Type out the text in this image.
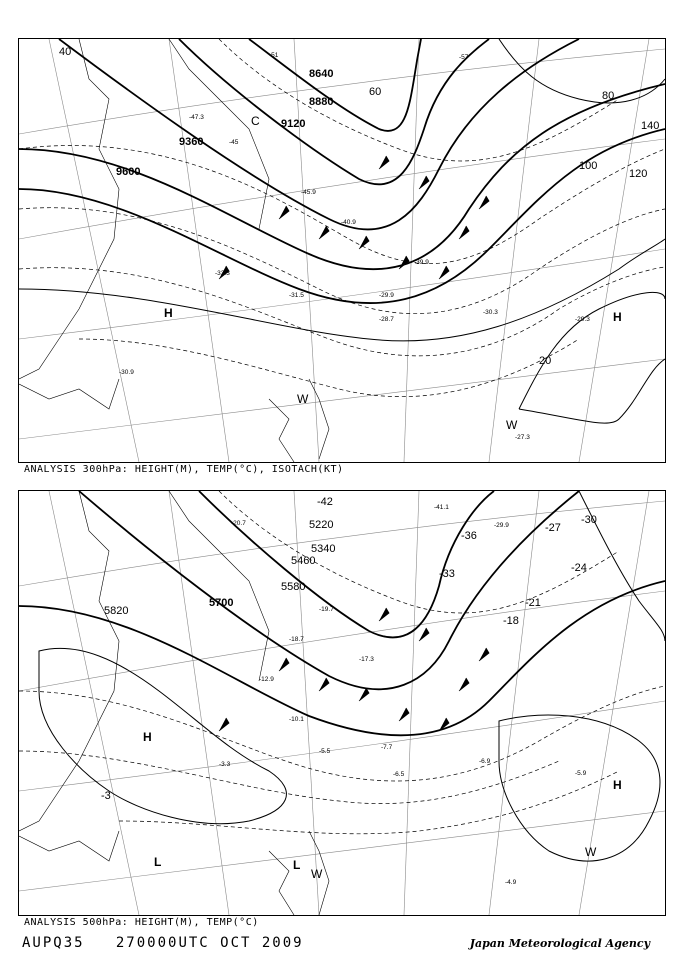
8640
8880
9120
9360
9600
40
60	80
100
120
140
20
-57
-51
-45
-47.3
-45.9
-40.9
-39.9
-33.3
-31.5	-29.9
-28.7
-30.3
-29.3
-30.9
-27.3
H	H
W
W
C
ANALYSIS 300hPa: HEIGHT(M), TEMP(°C), ISOTACH(KT)
5220
5340
5460
5580
5700
5820
-42
-36
-33
-30
-27
-24
-21
-18
-3
-41.1
-29.9
-20.7
-19.7
-18.7
-17.3
-12.9
-10.1
-7.7
-6.5
-5.5
-4.9
-6.9
-5.9
-3.3
H
H
L	L
W
W
ANALYSIS 500hPa: HEIGHT(M), TEMP(°C)
AUPQ35 270000UTC OCT 2009	Japan Meteorological Agency
